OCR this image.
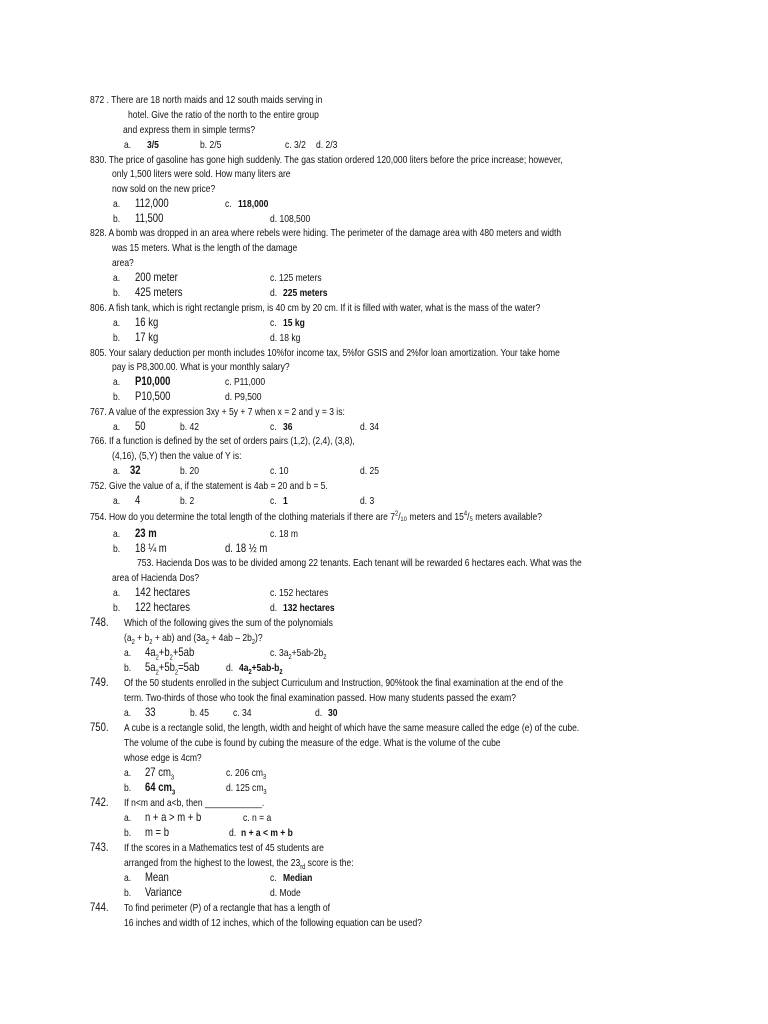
872 . There are 18 north maids and 12 south maids serving in
hotel. Give the ratio of the north to the entire group
and express them in simple terms?
a. 3/5	b. 2/5	c. 3/2 d. 2/3
830. The price of gasoline has gone high suddenly. The gas station ordered 120,000 liters before the price increase; however,
only 1,500 liters were sold. How many liters are
now sold on the new price?
a. 112,000	c. 118,000
b. 11,500	d. 108,500
828. A bomb was dropped in an area where rebels were hiding. The perimeter of the damage area with 480 meters and width
was 15 meters. What is the length of the damage
area?
a. 200 meter	c. 125 meters
b. 425 meters	d. 225 meters
806. A fish tank, which is right rectangle prism, is 40 cm by 20 cm. If it is filled with water, what is the mass of the water?
a. 16 kg	c. 15 kg
b. 17 kg	d. 18 kg
805. Your salary deduction per month includes 10%for income tax, 5%for GSIS and 2%for loan amortization. Your take home
pay is P8,300.00. What is your monthly salary?
a. P10,000	c. P11,000
b. P10,500	d. P9,500
767. A value of the expression 3xy + 5y + 7 when x = 2 and y = 3 is:
a. 50	b. 42	c. 36	d. 34
766. If a function is defined by the set of orders pairs (1,2), (2,4), (3,8),
(4,16), (5,Y) then the value of Y is:
a. 32	b. 20	c. 10	d. 25
752. Give the value of a, if the statement is 4ab = 20 and b = 5.
a. 4	b. 2	c. 1	d. 3
754. How do you determine the total length of the clothing materials if there are $7^2/_{10}$ meters and $15^4/_5$ meters available?
a. 23 m	c. 18 m
b. 18 ¼ m	d. 18 ½ m
753. Hacienda Dos was to be divided among 22 tenants. Each tenant will be rewarded 6 hectares each. What was the
area of Hacienda Dos?
a. 142 hectares	c. 152 hectares
b. 122 hectares	d. 132 hectares
748. Which of the following gives the sum of the polynomials
$(a_2 + b_2 + ab)$ and $(3a_2 + 4ab - 2b_2)$?
a. $4a_2+b_2+5ab$	c. $3a_2+5ab-2b_2$
b. $5a_2+5b_2=5ab$	d. $4a_2+5ab-b_2$
749. Of the 50 students enrolled in the subject Curriculum and Instruction, 90%took the final examination at the end of the
term. Two-thirds of those who took the final examination passed. How many students passed the exam?
a. 33	b. 45 c. 34	d. 30
750. A cube is a rectangle solid, the length, width and height of which have the same measure called the edge (e) of the cube.
The volume of the cube is found by cubing the measure of the edge. What is the volume of the cube
whose edge is 4cm?
a. 27 $cm_3$	c. 206 $cm_3$
b. 64 $cm_3$	d. 125 $cm_3$
742. If n<m and a<b, then ____________.
a. n + a > m + b	c. n = a
b. m = b	d. n + a < m + b
743. If the scores in a Mathematics test of 45 students are
arranged from the highest to the lowest, the $23_{rd}$ score is the:
a. Mean	c. Median
b. Variance	d. Mode
744. To find perimeter (P) of a rectangle that has a length of
16 inches and width of 12 inches, which of the following equation can be used?
